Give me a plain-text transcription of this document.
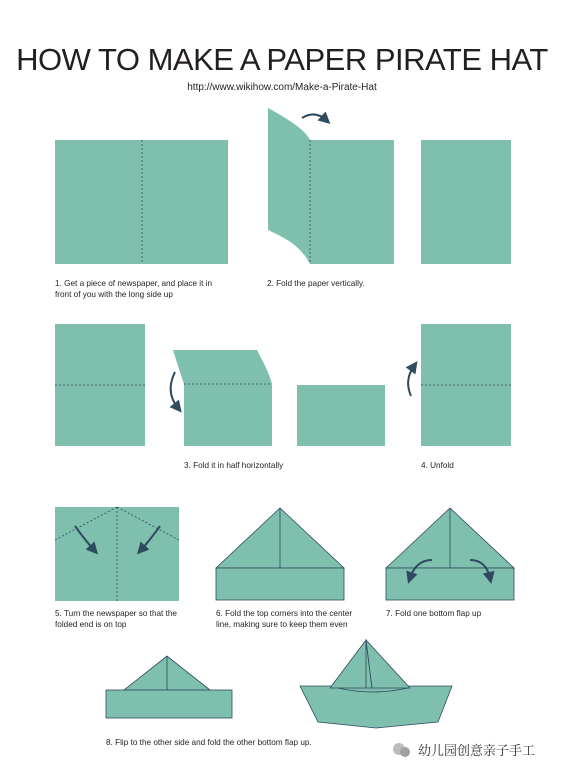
HOW TO MAKE A PAPER PIRATE HAT
http://www.wikihow.com/Make-a-Pirate-Hat
1. Get a piece of newspaper, and place it in front of you with the long side up
2. Fold the paper vertically.
3. Fold it in half horizontally	4. Unfold
5. Turn the newspaper so that the folded end is on top
6. Fold the top corners into the center line, making sure to keep them even
7. Fold one bottom flap up
8. Flip to the other side and fold the other bottom flap up.
幼儿园创意亲子手工
